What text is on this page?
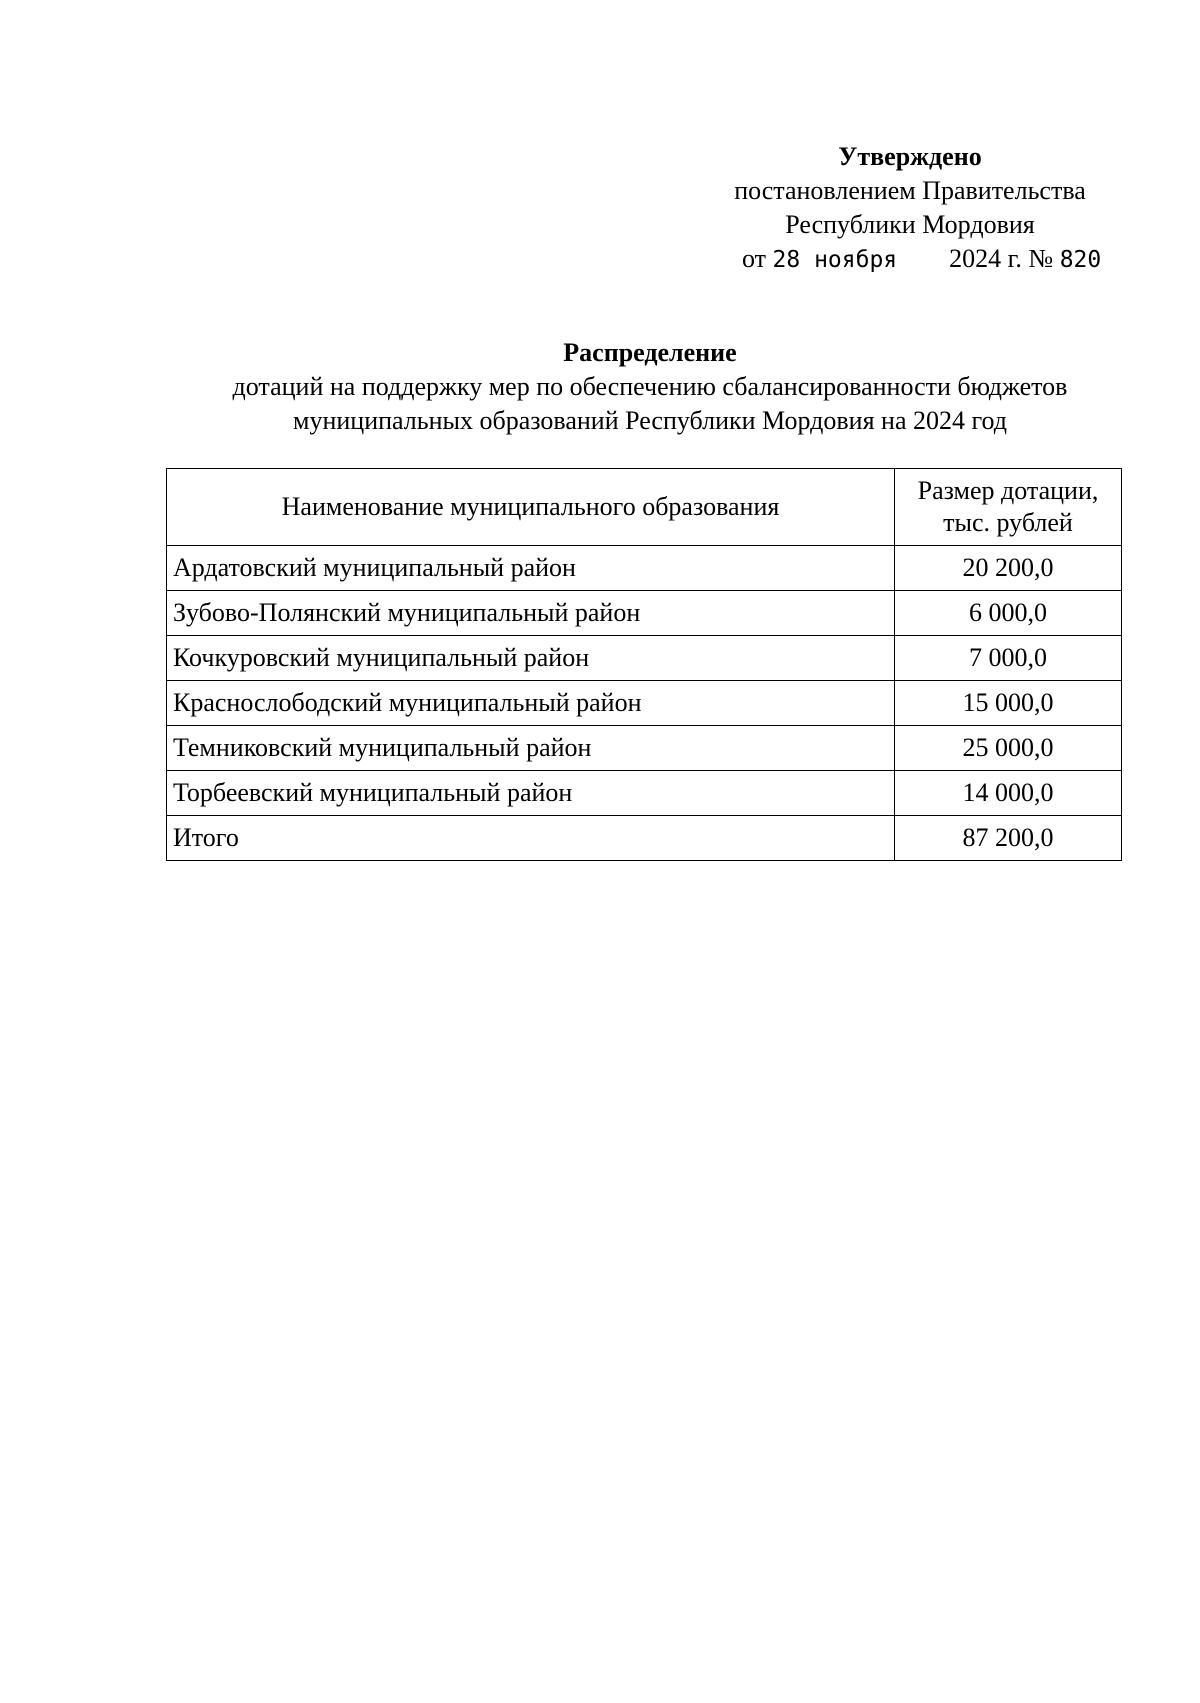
Утверждено
постановлением Правительства
Республики Мордовия
от 28 ноября 2024 г. № 820
Распределение
дотаций на поддержку мер по обеспечению сбалансированности бюджетов
муниципальных образований Республики Мордовия на 2024 год
Наименование муниципального образования	Размер дотации,
тыс. рублей
Ардатовский муниципальный район	20 200,0
Зубово-Полянский муниципальный район	6 000,0
Кочкуровский муниципальный район	7 000,0
Краснослободский муниципальный район	15 000,0
Темниковский муниципальный район	25 000,0
Торбеевский муниципальный район	14 000,0
Итого	87 200,0
